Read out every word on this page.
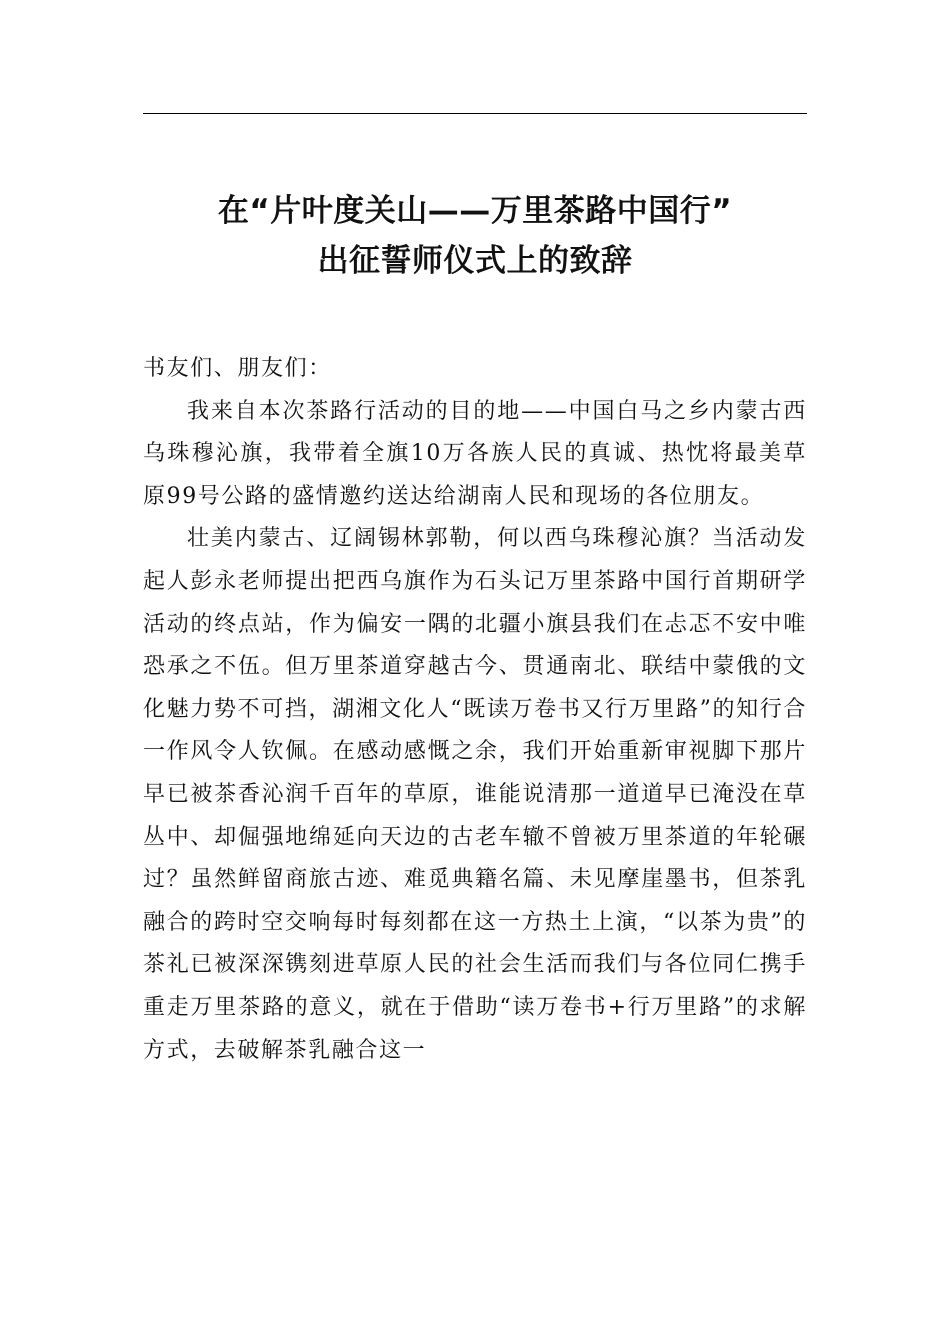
在“片叶度关山——万里茶路中国行”
出征誓师仪式上的致辞

书友们、朋友们：

我来自本次茶路行活动的目的地——中国白马之乡内蒙古西乌珠穆沁旗，我带着全旗10万各族人民的真诚、热忱将最美草原99号公路的盛情邀约送达给湖南人民和现场的各位朋友。

壮美内蒙古、辽阔锡林郭勒，何以西乌珠穆沁旗？当活动发起人彭永老师提出把西乌旗作为石头记万里茶路中国行首期研学活动的终点站，作为偏安一隅的北疆小旗县我们在忐忑不安中唯恐承之不伍。但万里茶道穿越古今、贯通南北、联结中蒙俄的文化魅力势不可挡，湖湘文化人“既读万卷书又行万里路”的知行合一作风令人钦佩。在感动感慨之余，我们开始重新审视脚下那片早已被茶香沁润千百年的草原，谁能说清那一道道早已淹没在草丛中、却倔强地绵延向天边的古老车辙不曾被万里茶道的年轮碾过？虽然鲜留商旅古迹、难觅典籍名篇、未见摩崖墨书，但茶乳融合的跨时空交响每时每刻都在这一方热土上演，“以茶为贵”的茶礼已被深深镌刻进草原人民的社会生活而我们与各位同仁携手重走万里茶路的意义，就在于借助“读万卷书+行万里路”的求解方式，去破解茶乳融合这一
